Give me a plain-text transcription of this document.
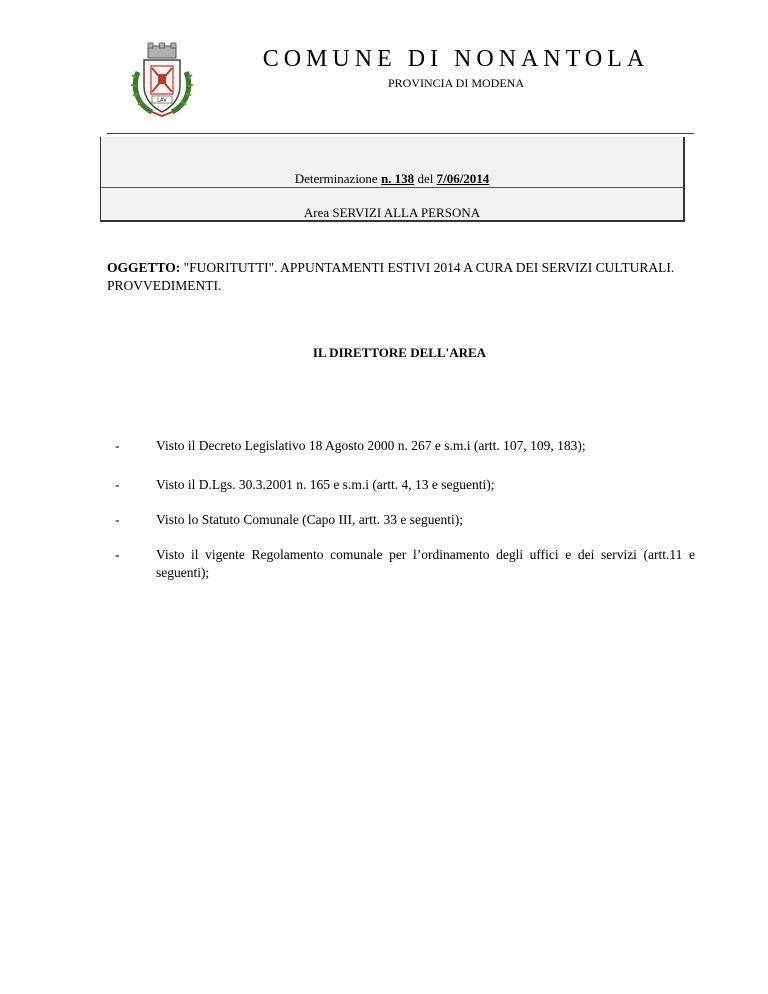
LAV
COMUNE DI NONANTOLA
PROVINCIA DI MODENA
Determinazione n. 138 del 7/06/2014
Area SERVIZI ALLA PERSONA
OGGETTO: "FUORITUTTI". APPUNTAMENTI ESTIVI 2014 A CURA DEI SERVIZI CULTURALI. PROVVEDIMENTI.
IL DIRETTORE DELL'AREA
-	Visto il Decreto Legislativo 18 Agosto 2000 n. 267 e s.m.i (artt. 107, 109, 183);
-	Visto il D.Lgs. 30.3.2001 n. 165 e s.m.i (artt. 4, 13 e seguenti);
-	Visto lo Statuto Comunale (Capo III, artt. 33 e seguenti);
-	Visto il vigente Regolamento comunale per l’ordinamento degli uffici e dei servizi (artt.11 e seguenti);
